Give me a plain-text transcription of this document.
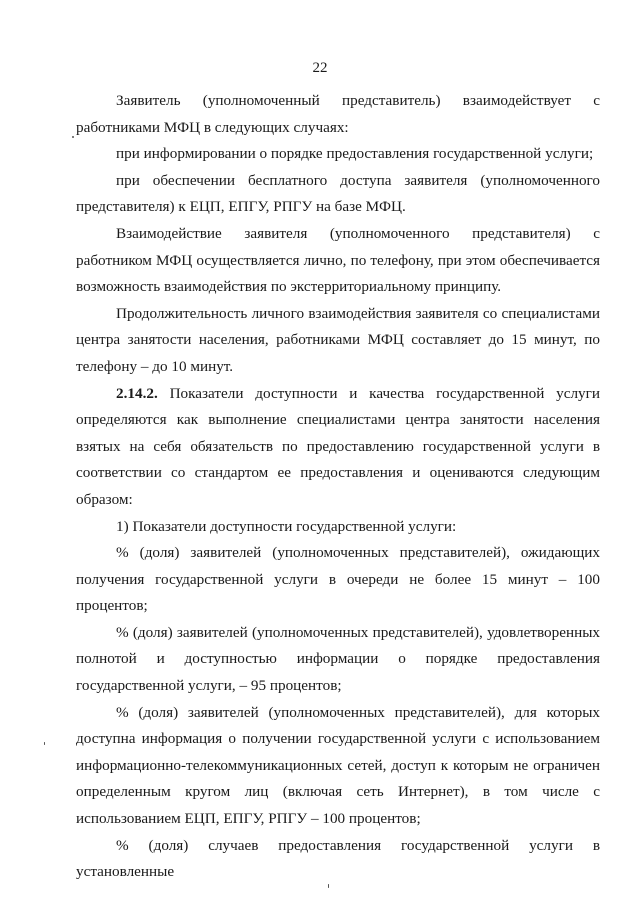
22

Заявитель (уполномоченный представитель) взаимодействует с работниками МФЦ в следующих случаях:

при информировании о порядке предоставления государственной услуги;

при обеспечении бесплатного доступа заявителя (уполномоченного представителя) к ЕЦП, ЕПГУ, РПГУ на базе МФЦ.

Взаимодействие заявителя (уполномоченного представителя) с работником МФЦ осуществляется лично, по телефону, при этом обеспечивается возможность взаимодействия по экстерриториальному принципу.

Продолжительность личного взаимодействия заявителя со специалистами центра занятости населения, работниками МФЦ составляет до 15 минут, по телефону – до 10 минут.

2.14.2. Показатели доступности и качества государственной услуги определяются как выполнение специалистами центра занятости населения взятых на себя обязательств по предоставлению государственной услуги в соответствии со стандартом ее предоставления и оцениваются следующим образом:

1) Показатели доступности государственной услуги:

% (доля) заявителей (уполномоченных представителей), ожидающих получения государственной услуги в очереди не более 15 минут – 100 процентов;

% (доля) заявителей (уполномоченных представителей), удовлетворенных полнотой и доступностью информации о порядке предоставления государственной услуги, – 95 процентов;

% (доля) заявителей (уполномоченных представителей), для которых доступна информация о получении государственной услуги с использованием информационно-телекоммуникационных сетей, доступ к которым не ограничен определенным кругом лиц (включая сеть Интернет), в том числе с использованием ЕЦП, ЕПГУ, РПГУ – 100 процентов;

% (доля) случаев предоставления государственной услуги в установленные
